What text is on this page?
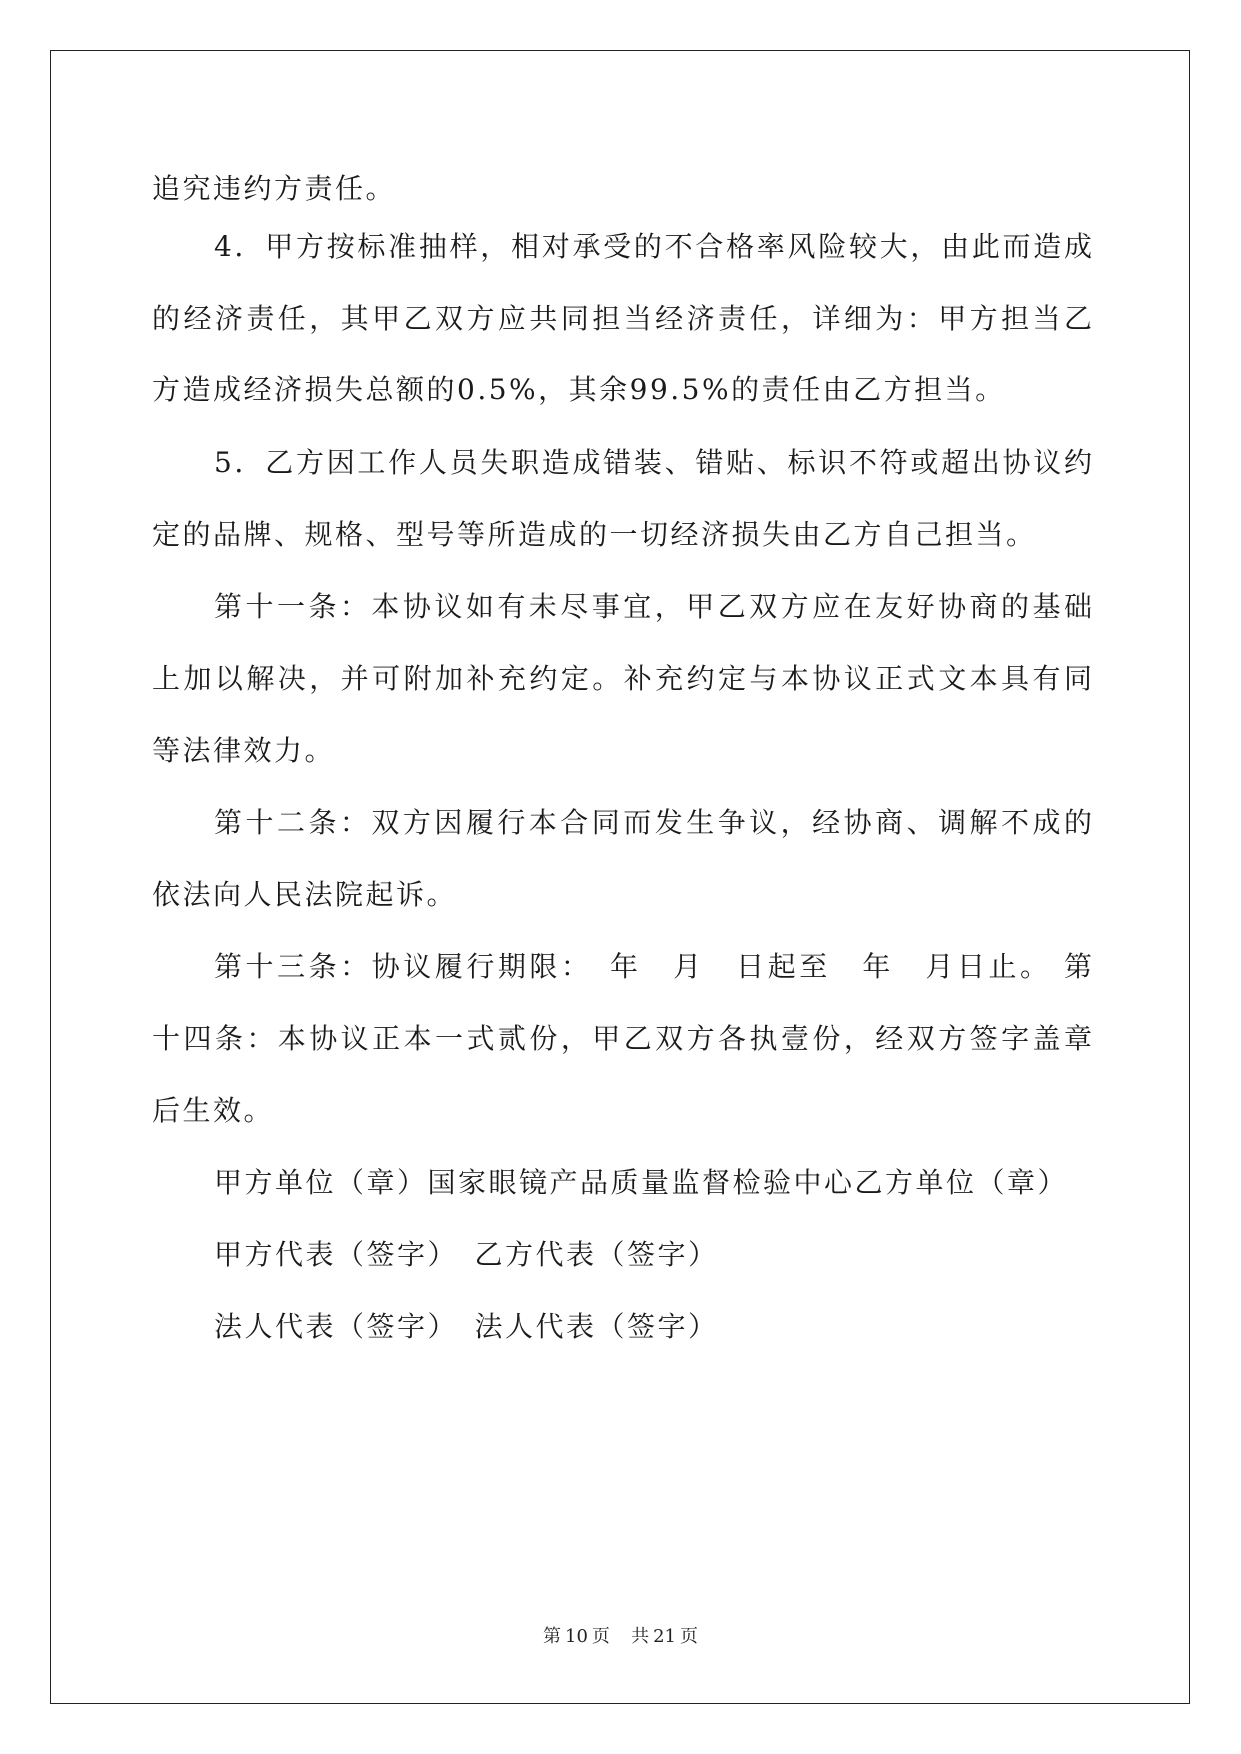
追究违约方责任。
4．甲方按标准抽样，相对承受的不合格率风险较大，由此而造成
的经济责任，其甲乙双方应共同担当经济责任，详细为：甲方担当乙
方造成经济损失总额的0.5%，其余99.5%的责任由乙方担当。
5．乙方因工作人员失职造成错装、错贴、标识不符或超出协议约
定的品牌、规格、型号等所造成的一切经济损失由乙方自己担当。
第十一条：本协议如有未尽事宜，甲乙双方应在友好协商的基础
上加以解决，并可附加补充约定。补充约定与本协议正式文本具有同
等法律效力。
第十二条：双方因履行本合同而发生争议，经协商、调解不成的
依法向人民法院起诉。
第十三条：协议履行期限：　年　月　日起至　年　月日止。 第
十四条：本协议正本一式贰份，甲乙双方各执壹份，经双方签字盖章
后生效。
甲方单位（章）国家眼镜产品质量监督检验中心乙方单位（章）
甲方代表（签字）　乙方代表（签字）
法人代表（签字）　法人代表（签字）
第 10 页 共 21 页
